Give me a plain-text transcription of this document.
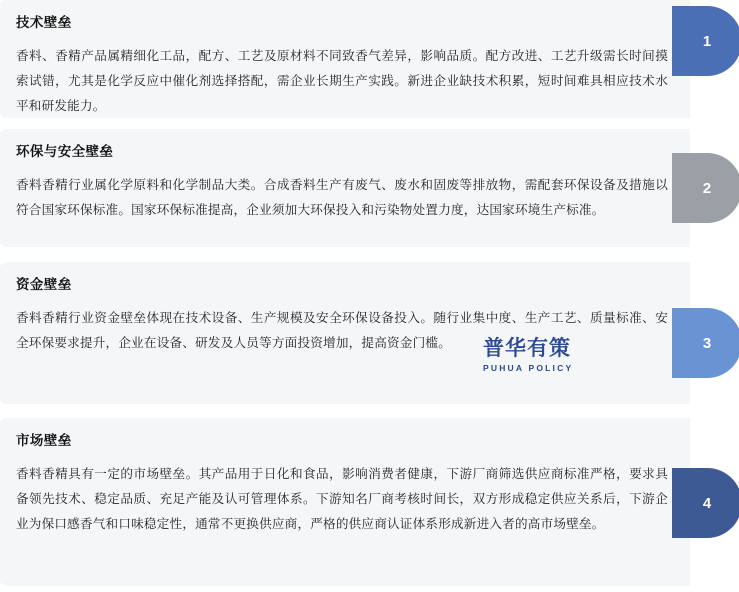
技术壁垒
香料、香精产品属精细化工品，配方、工艺及原材料不同致香气差异，影响品质。配方改进、工艺升级需长时间摸索试错，尤其是化学反应中催化剂选择搭配，需企业长期生产实践。新进企业缺技术积累，短时间难具相应技术水平和研发能力。
1
环保与安全壁垒
香料香精行业属化学原料和化学制品大类。合成香料生产有废气、废水和固废等排放物，需配套环保设备及措施以符合国家环保标准。国家环保标准提高，企业须加大环保投入和污染物处置力度，达国家环境生产标准。
2
资金壁垒
香料香精行业资金壁垒体现在技术设备、生产规模及安全环保设备投入。随行业集中度、生产工艺、质量标准、安全环保要求提升，企业在设备、研发及人员等方面投资增加，提高资金门槛。	3
市场壁垒
香料香精具有一定的市场壁垒。其产品用于日化和食品，影响消费者健康，下游厂商筛选供应商标准严格，要求具备领先技术、稳定品质、充足产能及认可管理体系。下游知名厂商考核时间长，双方形成稳定供应关系后，下游企业为保口感香气和口味稳定性，通常不更换供应商，严格的供应商认证体系形成新进入者的高市场壁垒。
4
普华有策
PUHUA POLICY
